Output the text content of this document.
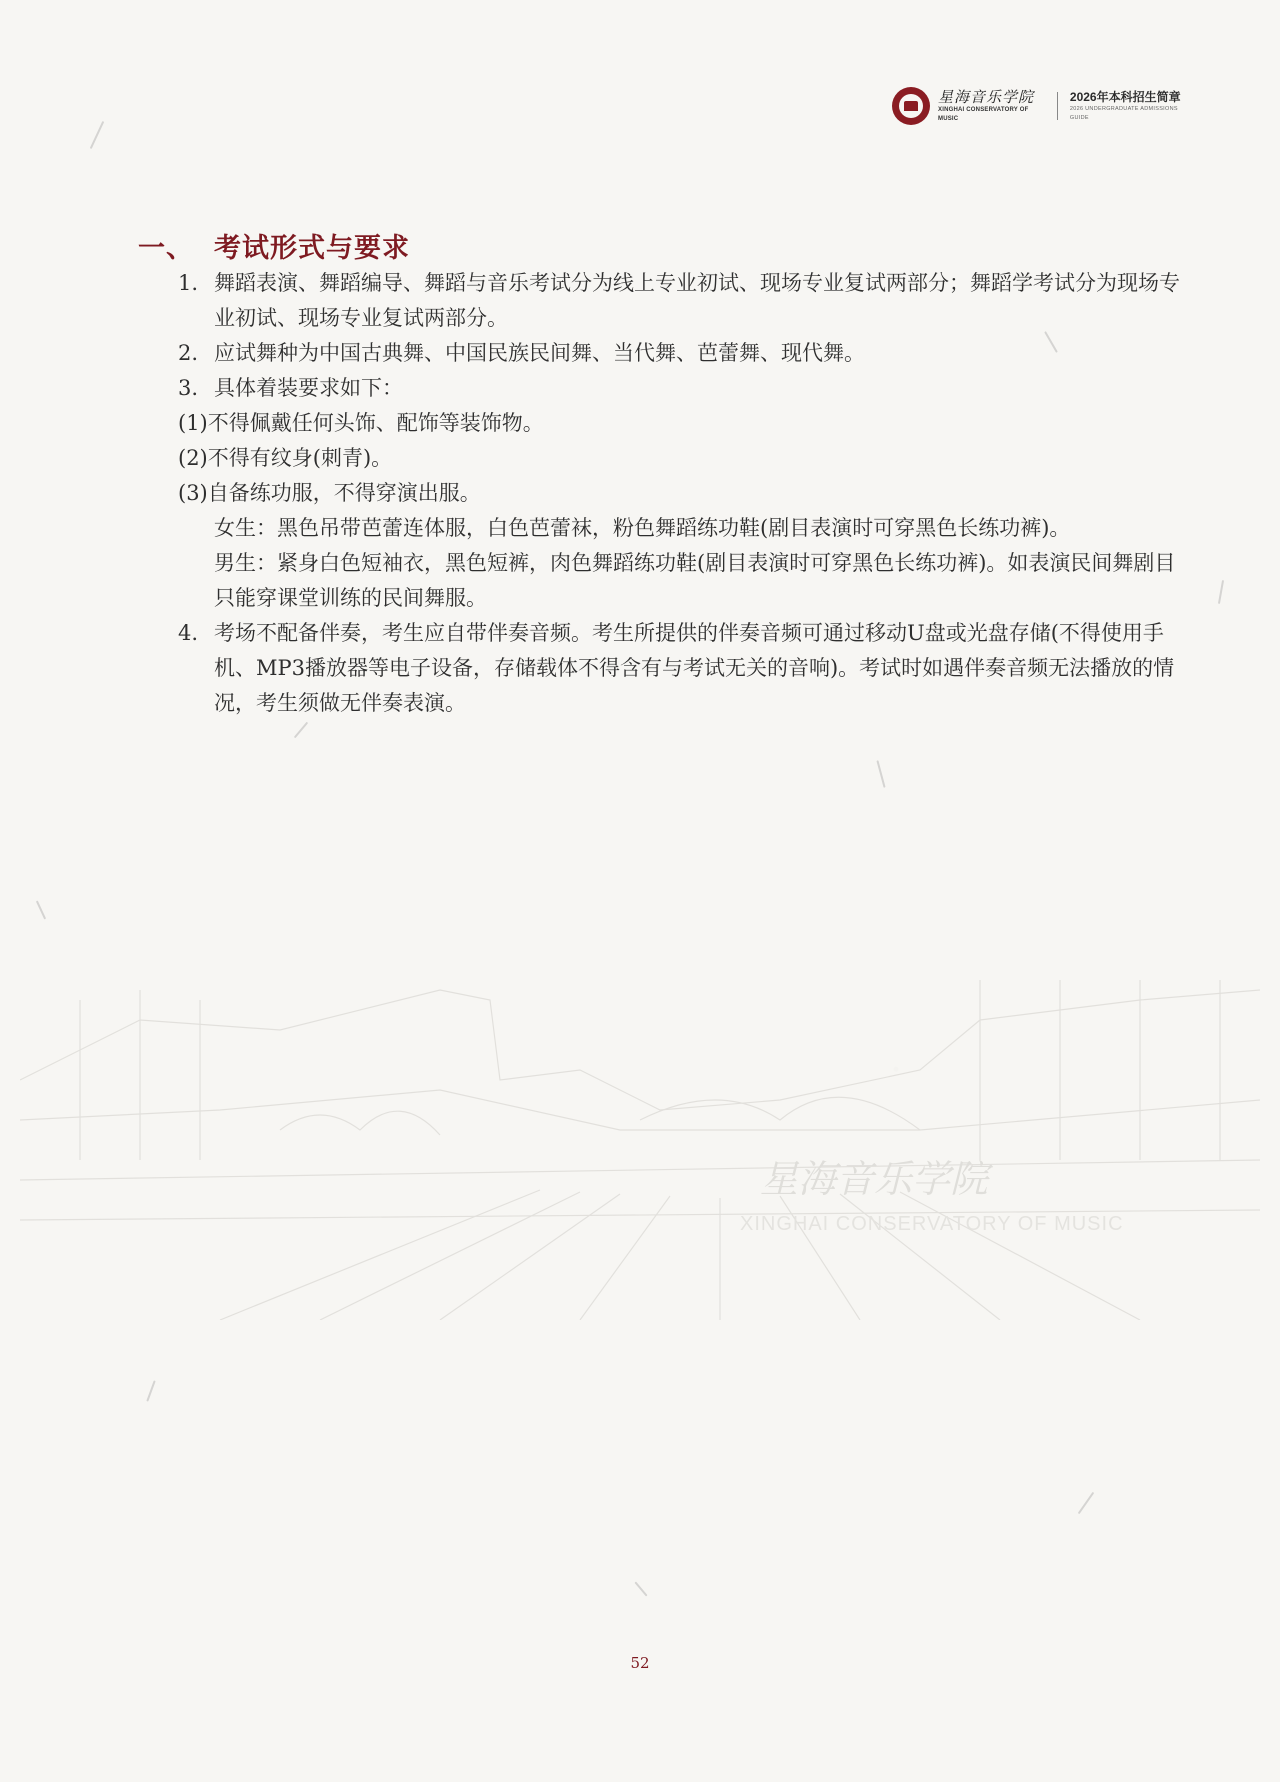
星海音乐学院
XINGHAI CONSERVATORY OF MUSIC
2026年本科招生简章
2026 UNDERGRADUATE ADMISSIONS GUIDE
一、 考试形式与要求

1. 舞蹈表演、舞蹈编导、舞蹈与音乐考试分为线上专业初试、现场专业复试两部分；舞蹈学考试分为现场专业初试、现场专业复试两部分。

2. 应试舞种为中国古典舞、中国民族民间舞、当代舞、芭蕾舞、现代舞。

3. 具体着装要求如下：

(1)不得佩戴任何头饰、配饰等装饰物。

(2)不得有纹身(刺青)。

(3)自备练功服，不得穿演出服。

女生：黑色吊带芭蕾连体服，白色芭蕾袜，粉色舞蹈练功鞋(剧目表演时可穿黑色长练功裤)。

男生：紧身白色短袖衣，黑色短裤，肉色舞蹈练功鞋(剧目表演时可穿黑色长练功裤)。如表演民间舞剧目只能穿课堂训练的民间舞服。

4. 考场不配备伴奏，考生应自带伴奏音频。考生所提供的伴奏音频可通过移动U盘或光盘存储(不得使用手机、MP3播放器等电子设备，存储载体不得含有与考试无关的音响)。考试时如遇伴奏音频无法播放的情况，考生须做无伴奏表演。

星海音乐学院
XINGHAI CONSERVATORY OF MUSIC
52
